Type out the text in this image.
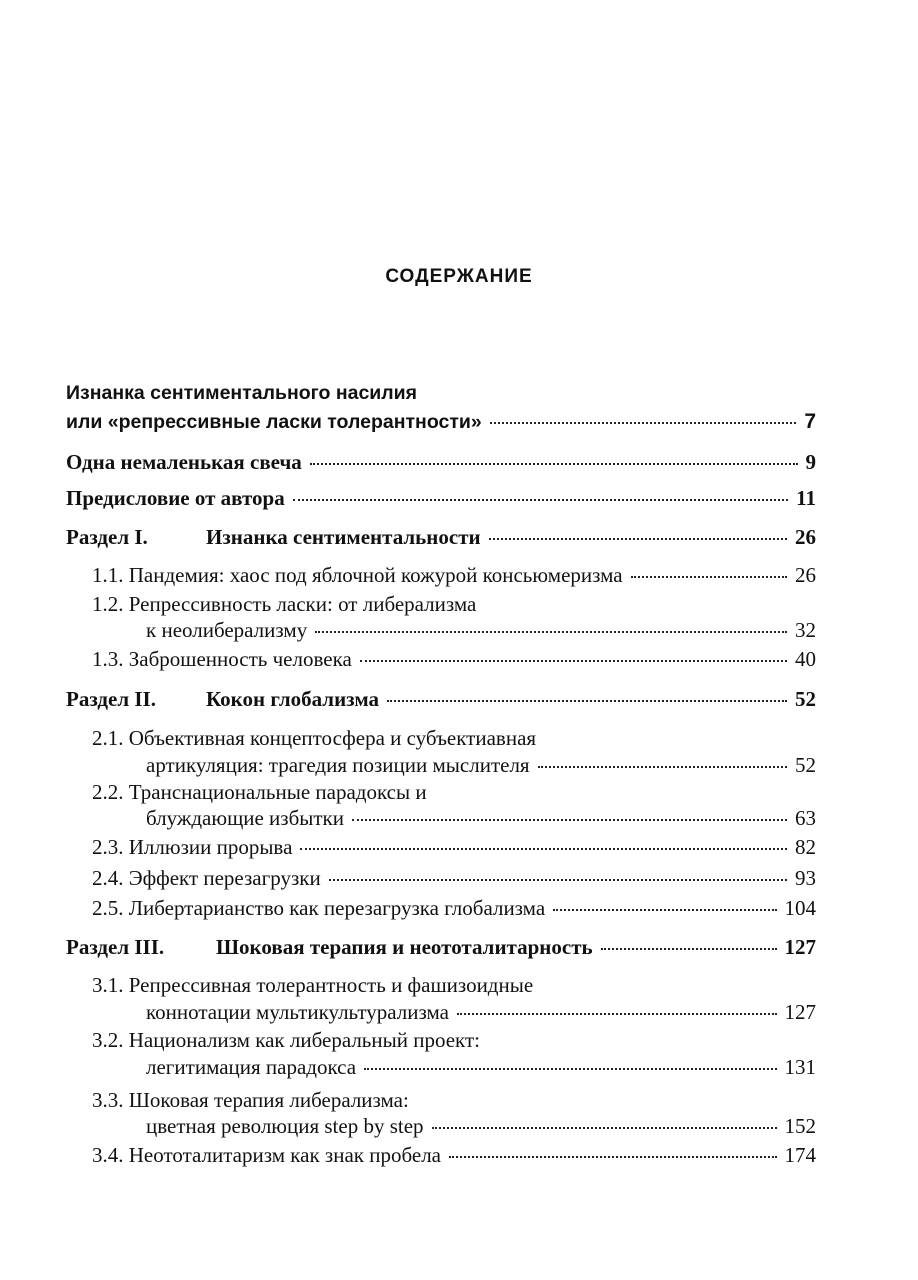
СОДЕРЖАНИЕ
Изнанка сентиментального насилия
или «репрессивные ласки толерантности»	7
Одна немаленькая свеча	9
Предисловие от автора	11
Раздел I.	Изнанка сентиментальности	26
1.1. Пандемия: хаос под яблочной кожурой консьюмеризма	26
1.2. Репрессивность ласки: от либерализма
к неолиберализму	32
1.3. Заброшенность человека	40
Раздел II. Кокон глобализма	52
2.1. Объективная концептосфера и субъектиавная
артикуляция: трагедия позиции мыслителя	52
2.2. Транснациональные парадоксы и
блуждающие избытки	63
2.3. Иллюзии прорыва	82
2.4. Эффект перезагрузки	93
2.5. Либертарианство как перезагрузка глобализма	104
Раздел III. Шоковая терапия и неототалитарность	127
3.1. Репрессивная толерантность и фашизоидные
коннотации мультикультурализма	127
3.2. Национализм как либеральный проект:
легитимация парадокса	131
3.3. Шоковая терапия либерализма:
цветная революция step by step	152
3.4. Неототалитаризм как знак пробела	174
